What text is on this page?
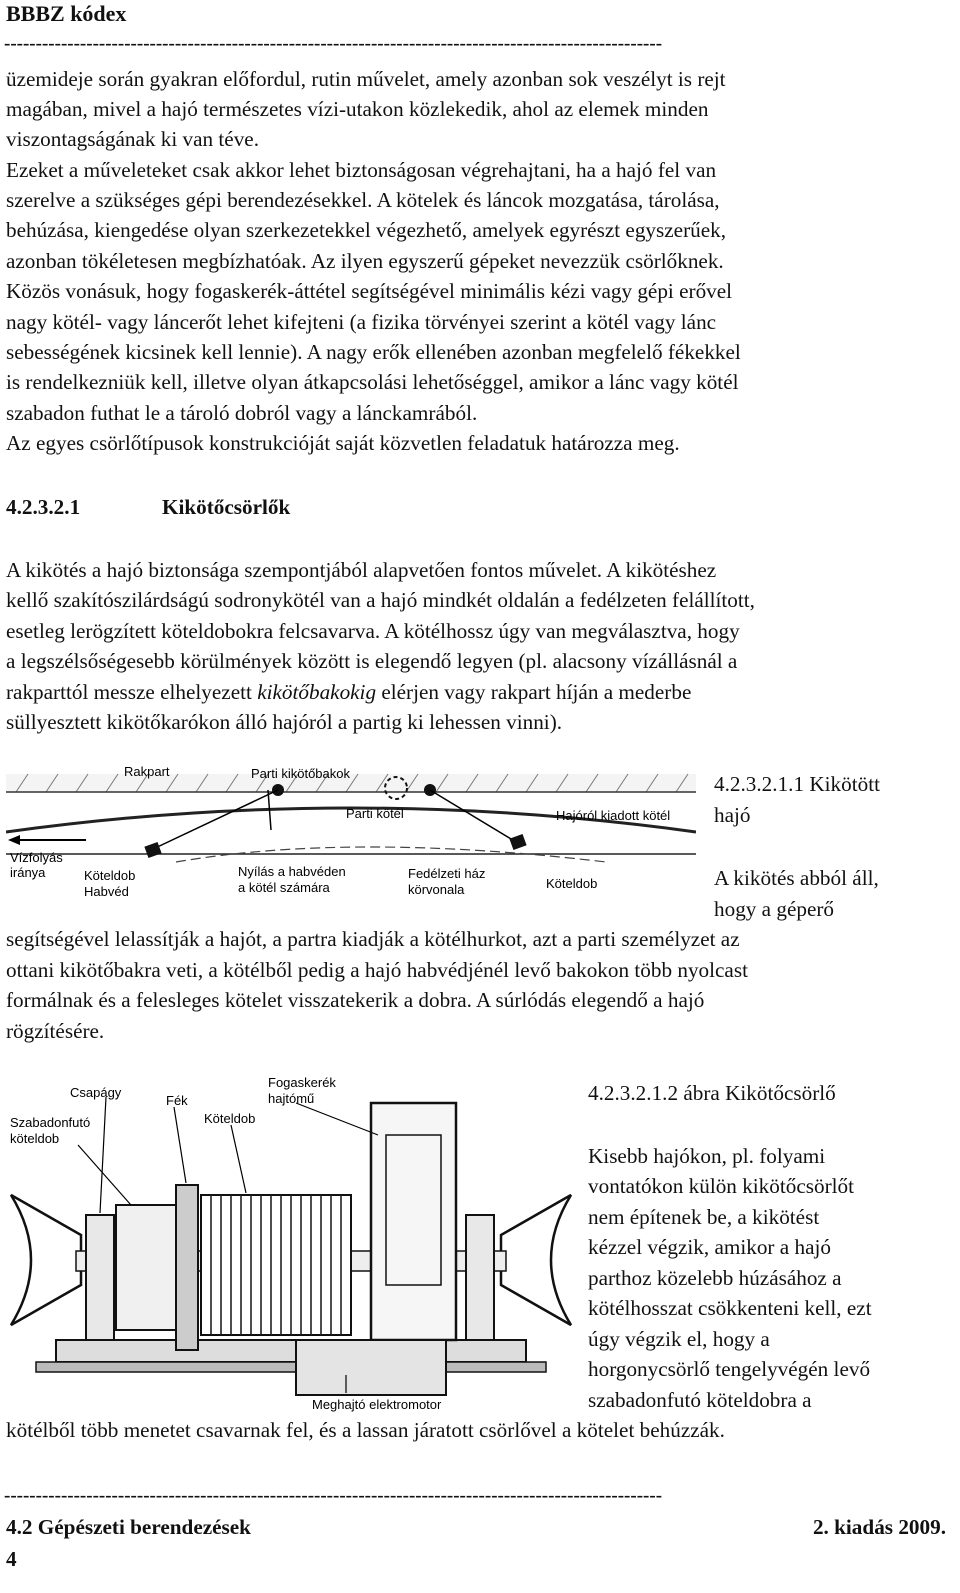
BBBZ kódex
--------------------------------------------------------------------------------------------------------
üzemideje során gyakran előfordul, rutin művelet, amely azonban sok veszélyt is rejt
magában, mivel a hajó természetes vízi-utakon közlekedik, ahol az elemek minden
viszontagságának ki van téve.
Ezeket a műveleteket csak akkor lehet biztonságosan végrehajtani, ha a hajó fel van
szerelve a szükséges gépi berendezésekkel. A kötelek és láncok mozgatása, tárolása,
behúzása, kiengedése olyan szerkezetekkel végezhető, amelyek egyrészt egyszerűek,
azonban tökéletesen megbízhatóak. Az ilyen egyszerű gépeket nevezzük csörlőknek.
Közös vonásuk, hogy fogaskerék-áttétel segítségével minimális kézi vagy gépi erővel
nagy kötél- vagy láncerőt lehet kifejteni (a fizika törvényei szerint a kötél vagy lánc
sebességének kicsinek kell lennie). A nagy erők ellenében azonban megfelelő fékekkel
is rendelkezniük kell, illetve olyan átkapcsolási lehetőséggel, amikor a lánc vagy kötél
szabadon futhat le a tároló dobról vagy a lánckamrából.
Az egyes csörlőtípusok konstrukcióját saját közvetlen feladatuk határozza meg.
4.2.3.2.1	Kikötőcsörlők
A kikötés a hajó biztonsága szempontjából alapvetően fontos művelet. A kikötéshez
kellő szakítószilárdságú sodronykötél van a hajó mindkét oldalán a fedélzeten felállított,
esetleg lerögzített köteldobokra felcsavarva. A kötélhossz úgy van megválasztva, hogy
a legszélsőségesebb körülmények között is elegendő legyen (pl. alacsony vízállásnál a
rakparttól messze elhelyezett kikötőbakokig elérjen vagy rakpart híján a mederbe
süllyesztett kikötőkarókon álló hajóról a partig ki lehessen vinni).
Rakpart	Parti kikötőbakok
Parti kötél	Hajóról kiadott kötél
Vízfolyás
iránya	Köteldob
Habvéd
Nyílás a habvéden
a kötél számára
Fedélzeti ház
körvonala	Köteldob
4.2.3.2.1.1 Kikötött
hajó
A kikötés abból áll,
hogy a géperő
segítségével lelassítják a hajót, a partra kiadják a kötélhurkot, azt a parti személyzet az
ottani kikötőbakra veti, a kötélből pedig a hajó habvédjénél levő bakokon több nyolcast
formálnak és a felesleges kötelet visszatekerik a dobra. A súrlódás elegendő a hajó
rögzítésére.
Csapágy
Fék
Fogaskerék
hajtómű
Szabadonfutó
köteldob
Köteldob
Meghajtó elektromotor
4.2.3.2.1.2 ábra Kikötőcsörlő
Kisebb hajókon, pl. folyami
vontatókon külön kikötőcsörlőt
nem építenek be, a kikötést
kézzel végzik, amikor a hajó
parthoz közelebb húzásához a
kötélhosszat csökkenteni kell, ezt
úgy végzik el, hogy a
horgonycsörlő tengelyvégén levő
szabadonfutó köteldobra a
kötélből több menetet csavarnak fel, és a lassan járatott csörlővel a kötelet behúzzák.
--------------------------------------------------------------------------------------------------------
4.2 Gépészeti berendezések	2. kiadás 2009.
4
